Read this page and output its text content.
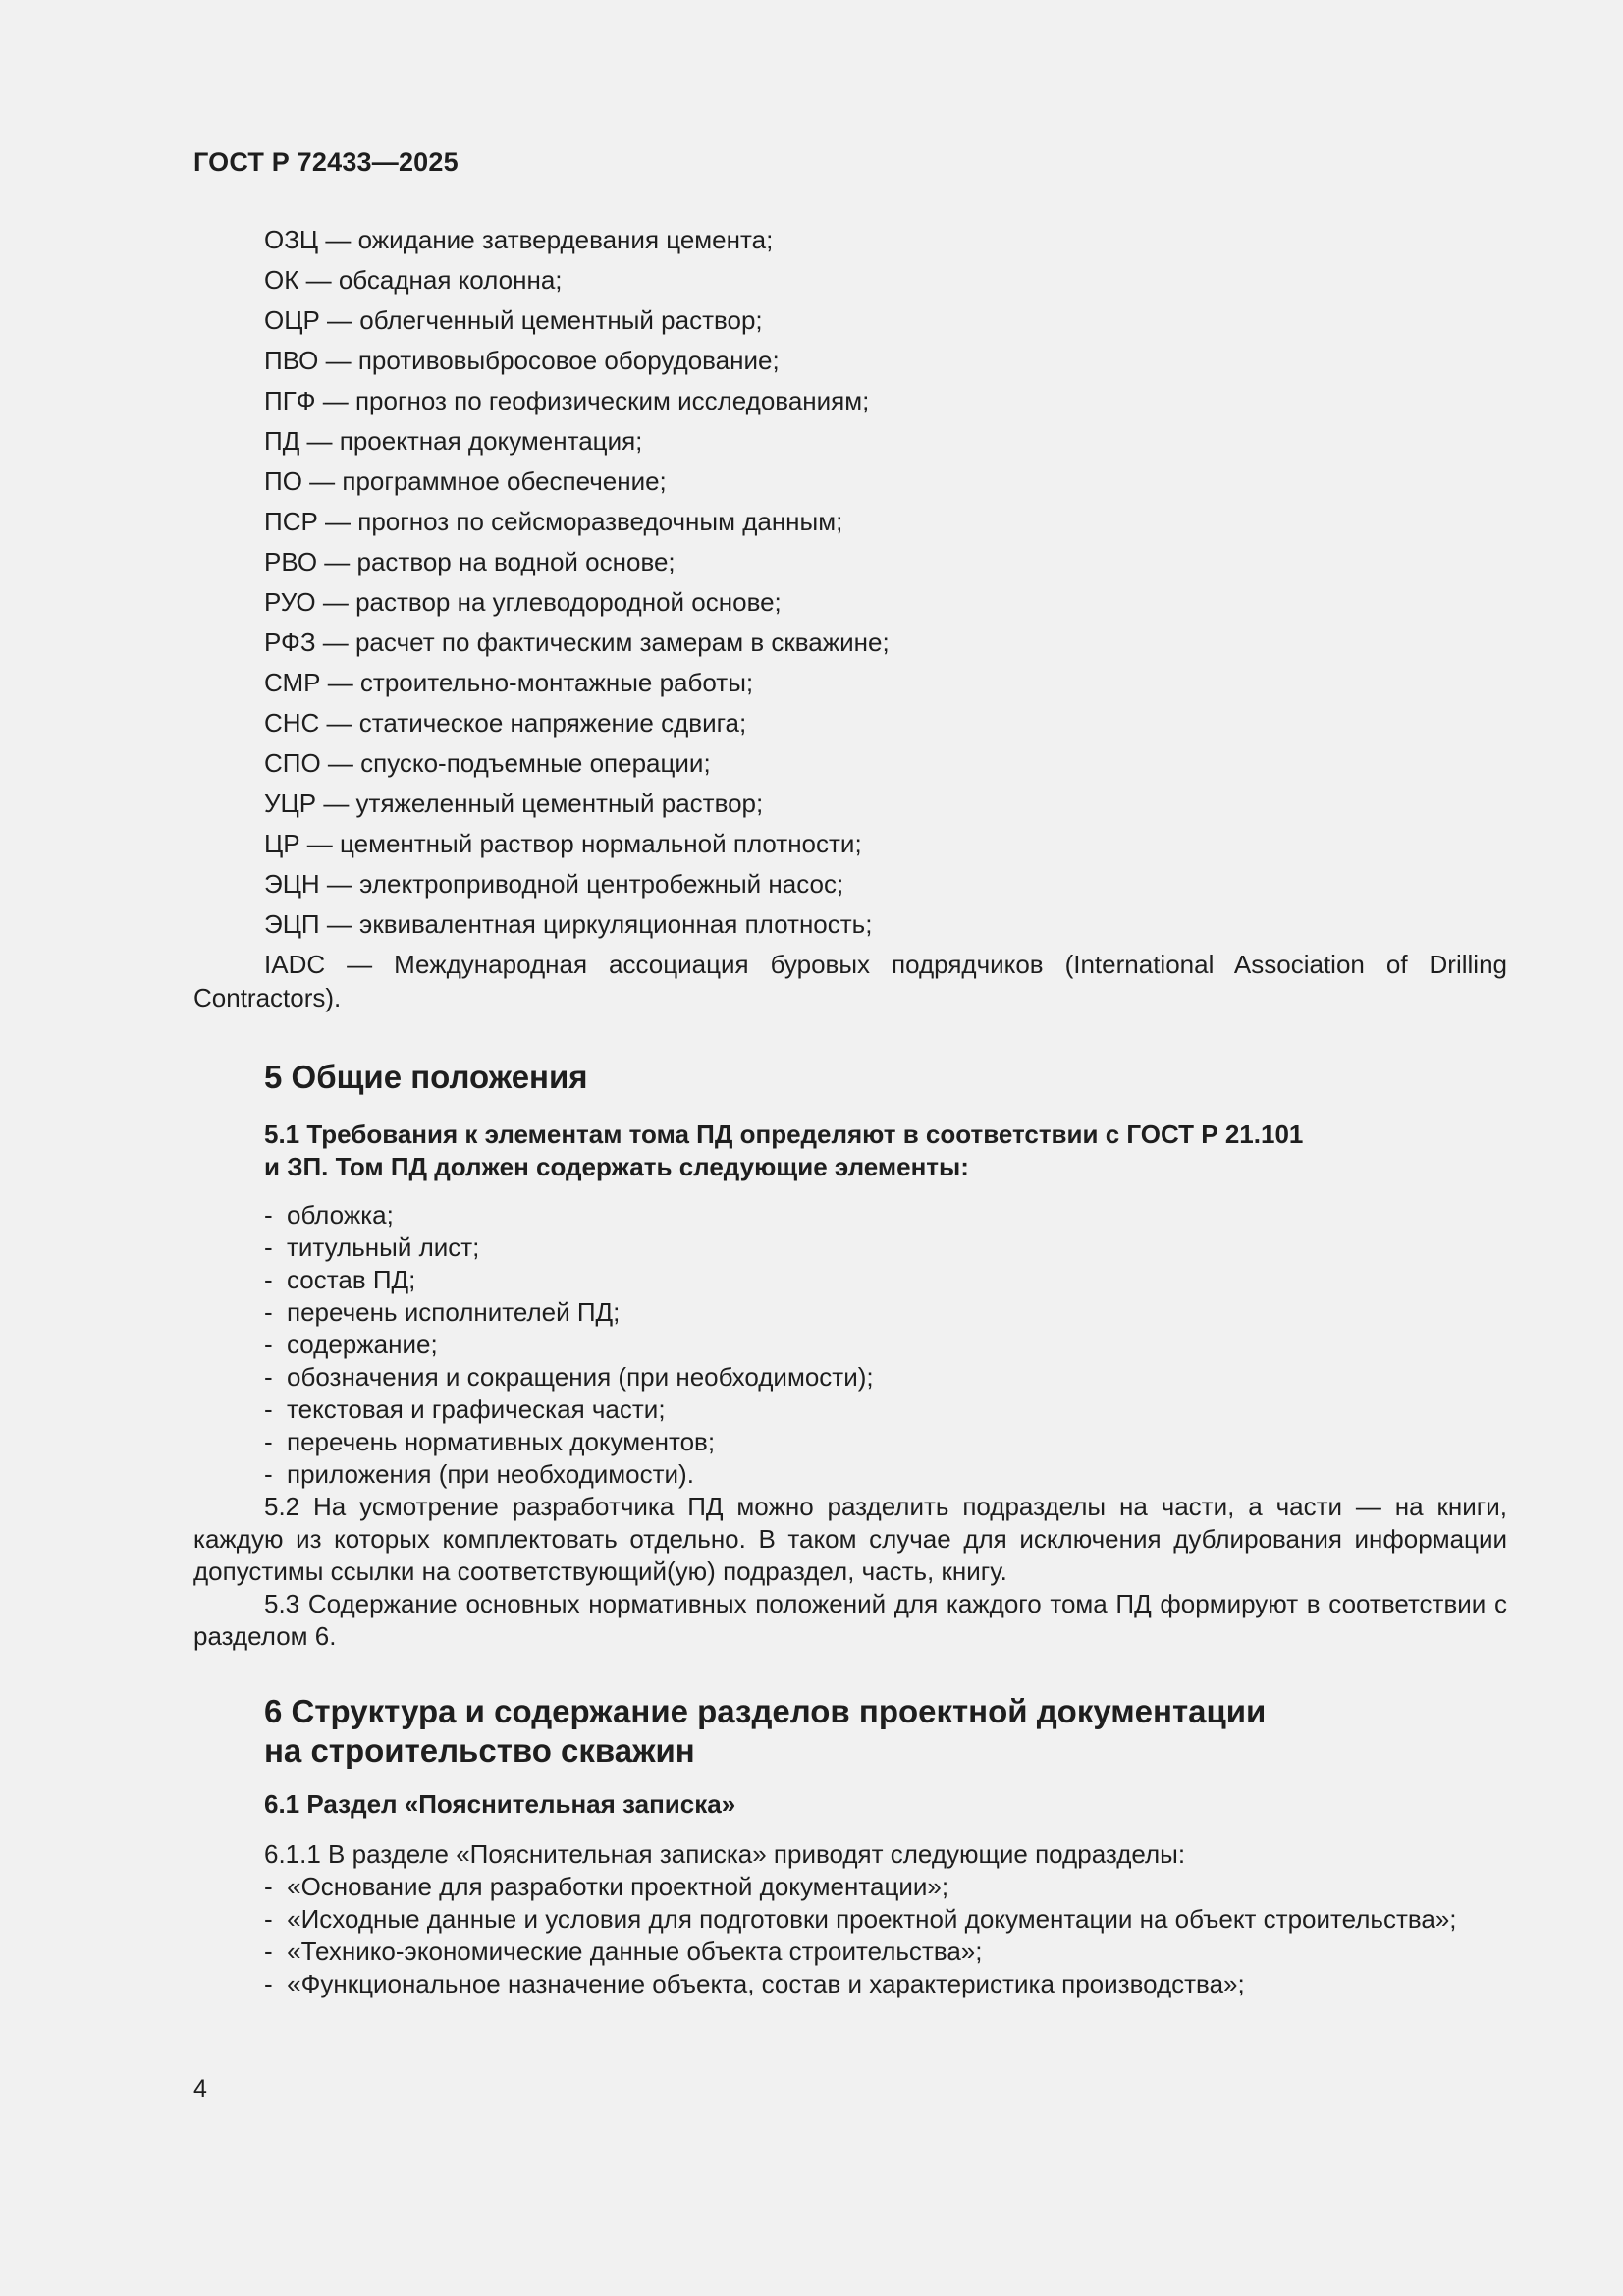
ГОСТ Р 72433—2025

ОЗЦ — ожидание затвердевания цемента;

ОК — обсадная колонна;

ОЦР — облегченный цементный раствор;

ПВО — противовыбросовое оборудование;

ПГФ — прогноз по геофизическим исследованиям;

ПД — проектная документация;

ПО — программное обеспечение;

ПСР — прогноз по сейсморазведочным данным;

РВО — раствор на водной основе;

РУО — раствор на углеводородной основе;

РФЗ — расчет по фактическим замерам в скважине;

СМР — строительно-монтажные работы;

СНС — статическое напряжение сдвига;

СПО — спуско-подъемные операции;

УЦР — утяжеленный цементный раствор;

ЦР — цементный раствор нормальной плотности;

ЭЦН — электроприводной центробежный насос;

ЭЦП — эквивалентная циркуляционная плотность;

IADC — Международная ассоциация буровых подрядчиков (International Association of Drilling Contractors).

5 Общие положения

5.1 Требования к элементам тома ПД определяют в соответствии с ГОСТ Р 21.101

и ЗП. Том ПД должен содержать следующие элементы:

- обложка;
- титульный лист;
- состав ПД;
- перечень исполнителей ПД;
- содержание;
- обозначения и сокращения (при необходимости);
- текстовая и графическая части;
- перечень нормативных документов;
- приложения (при необходимости).

5.2 На усмотрение разработчика ПД можно разделить подразделы на части, а части — на книги, каждую из которых комплектовать отдельно. В таком случае для исключения дублирования информации допустимы ссылки на соответствующий(ую) подраздел, часть, книгу.

5.3 Содержание основных нормативных положений для каждого тома ПД формируют в соответствии с разделом 6.

6 Структура и содержание разделов проектной документации
на строительство скважин

6.1 Раздел «Пояснительная записка»

6.1.1 В разделе «Пояснительная записка» приводят следующие подразделы:

-  «Основание для разработки проектной документации»;

-  «Исходные данные и условия для подготовки проектной документации на объект строительства»;

-  «Технико-экономические данные объекта строительства»;

-  «Функциональное назначение объекта, состав и характеристика производства»;

4
